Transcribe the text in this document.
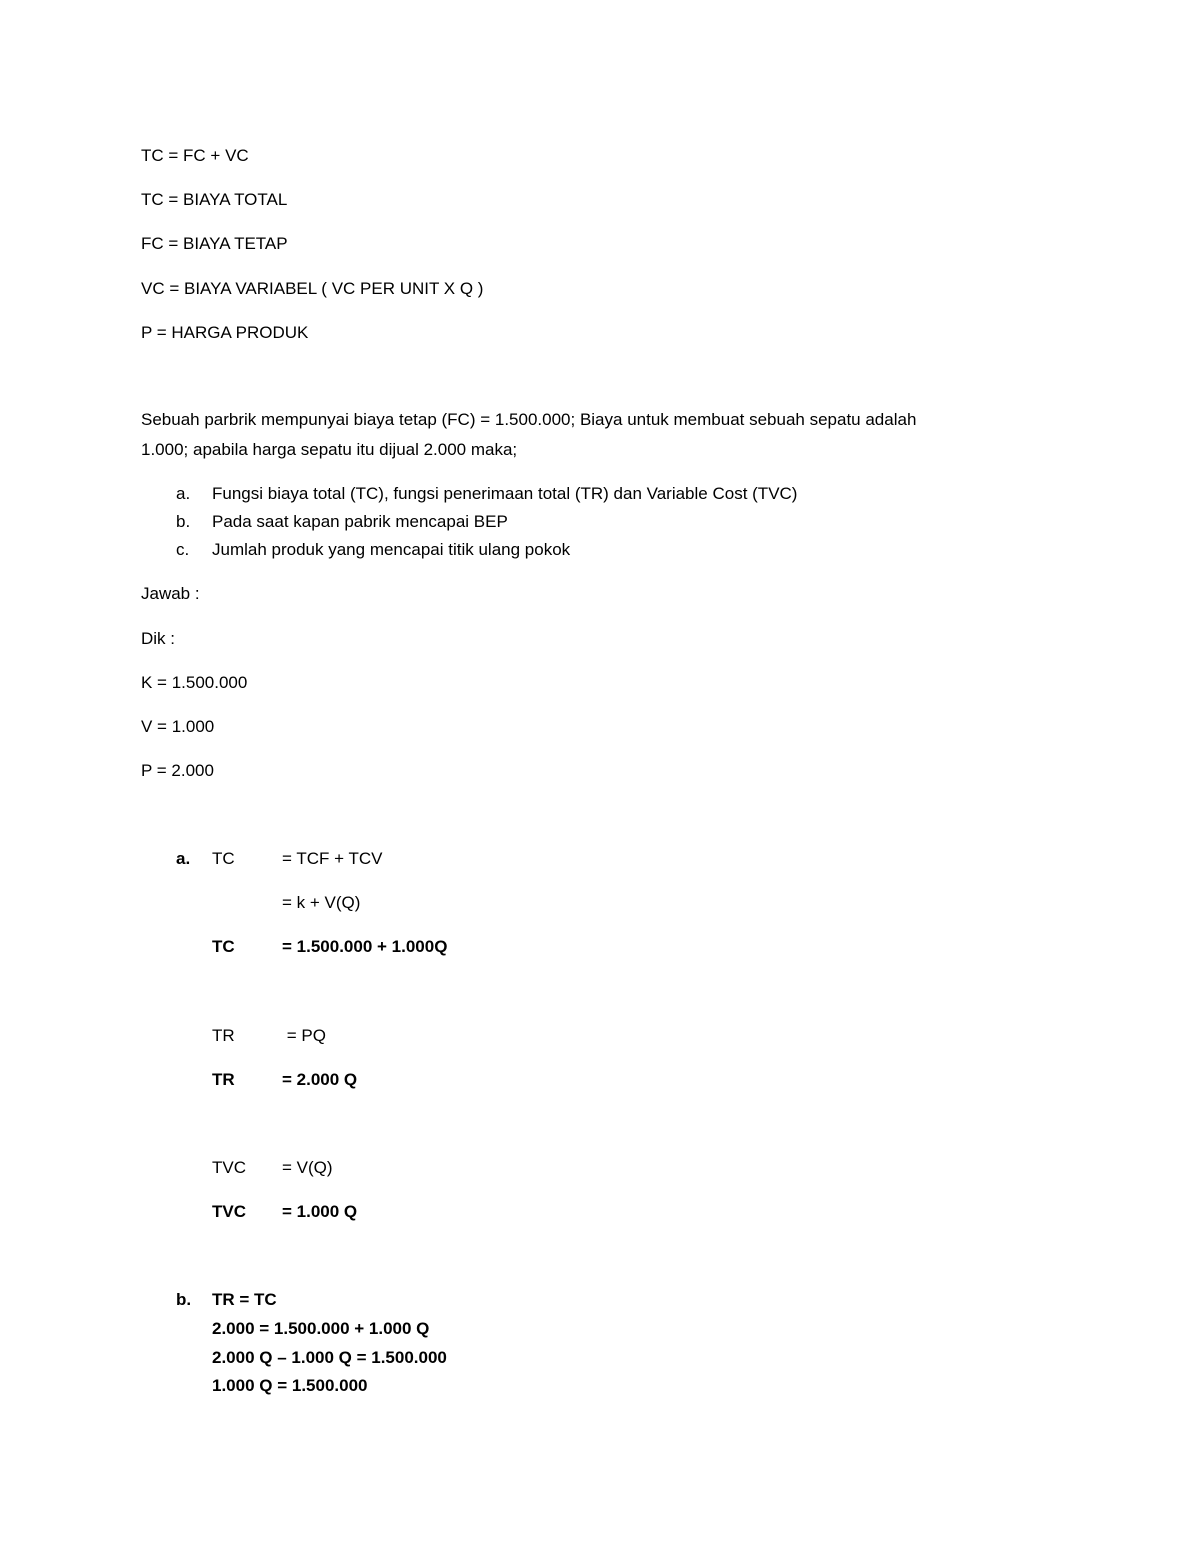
TC = FC + VC
TC = BIAYA TOTAL
FC = BIAYA TETAP
VC = BIAYA VARIABEL ( VC PER UNIT X Q )
P = HARGA PRODUK
Sebuah parbrik mempunyai biaya tetap (FC) = 1.500.000; Biaya untuk membuat sebuah sepatu adalah
1.000; apabila harga sepatu itu dijual 2.000 maka;
a. Fungsi biaya total (TC), fungsi penerimaan total (TR) dan Variable Cost (TVC)
b. Pada saat kapan pabrik mencapai BEP
c. Jumlah produk yang mencapai titik ulang pokok
Jawab :
Dik :
K = 1.500.000
V = 1.000
P = 2.000
a. TC	= TCF + TCV
= k + V(Q)
TC	= 1.500.000 + 1.000Q
TR	= PQ
TR	= 2.000 Q
TVC = V(Q)
TVC = 1.000 Q
b. TR = TC
2.000 = 1.500.000 + 1.000 Q
2.000 Q – 1.000 Q = 1.500.000
1.000 Q = 1.500.000
